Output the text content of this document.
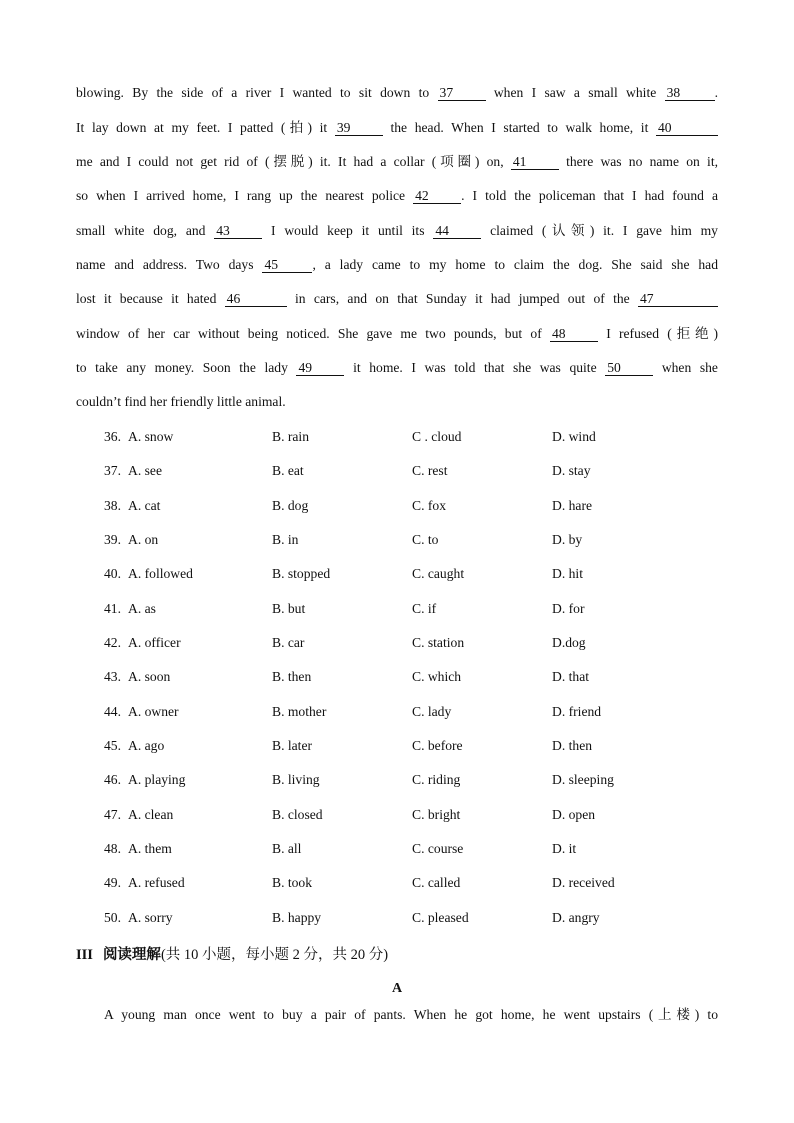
blowing. By the side of a river I wanted to sit down to 37	when I saw a small white 38	.
It lay down at my feet. I patted (拍) it 39	the head. When I started to walk home, it 40
me and I could not get rid of (摆脱) it. It had a collar (项圈) on, 41	there was no name on it,
so when I arrived home, I rang up the nearest police 42 . I told the policeman that I had found a
small white dog, and 43	I would keep it until its 44	claimed (认领) it. I gave him my
name and address. Two days 45	, a lady came to my home to claim the dog. She said she had
lost it because it hated 46	in cars, and on that Sunday it had jumped out of the 47
window of her car without being noticed. She gave me two pounds, but of 48	I refused (拒绝)
to take any money. Soon the lady 49	it home. I was told that she was quite 50	when she
couldn’t find her friendly little animal.
36. A. snow	B. rain	C . cloud	D. wind
37. A. see	B. eat	C. rest	D. stay
38. A. cat	B. dog	C. fox	D. hare
39. A. on	B. in	C. to	D. by
40. A. followed	B. stopped	C. caught	D. hit
41. A. as	B. but	C. if	D. for
42. A. officer	B. car	C. station	D.dog
43. A. soon	B. then	C. which	D. that
44. A. owner	B. mother	C. lady	D. friend
45. A. ago	B. later	C. before	D. then
46. A. playing	B. living	C. riding	D. sleeping
47. A. clean	B. closed	C. bright	D. open
48. A. them	B. all	C. course	D. it
49. A. refused	B. took	C. called	D. received
50. A. sorry	B. happy	C. pleased	D. angry
III 阅读理解(共 10 小题，每小题 2 分，共 20 分)
A
A young man once went to buy a pair of pants. When he got home, he went upstairs (上楼) to
